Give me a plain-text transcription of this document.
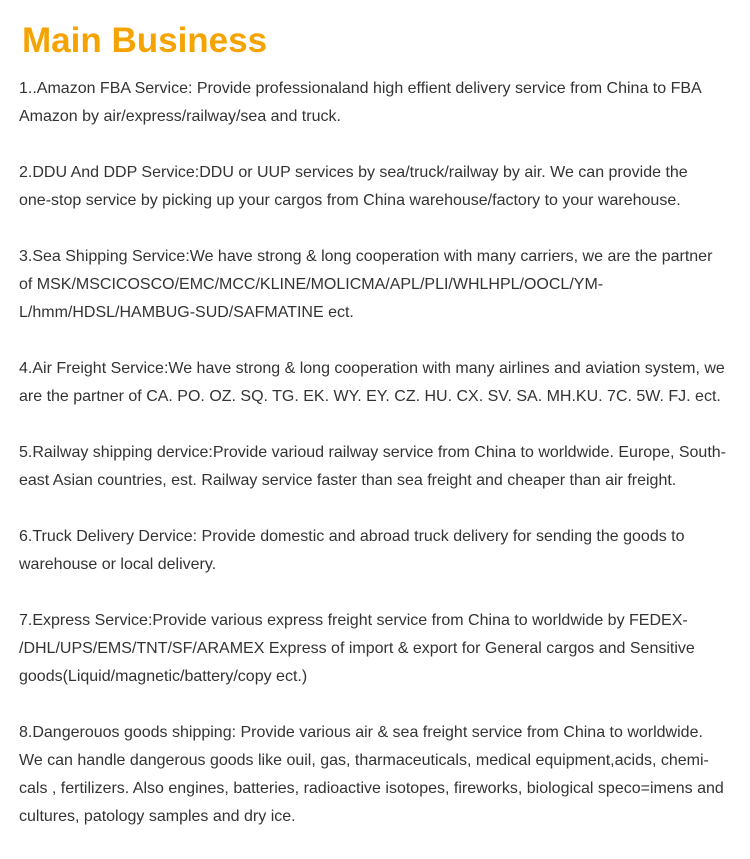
Main Business

1..Amazon FBA Service: Provide professionaland high effient delivery service from China to FBA
Amazon by air/express/railway/sea and truck.

2.DDU And DDP Service:DDU or UUP services by sea/truck/railway by air. We can provide the
one-stop service by picking up your cargos from China warehouse/factory to your warehouse.

3.Sea Shipping Service:We have strong & long cooperation with many carriers, we are the partner
of MSK/MSCICOSCO/EMC/MCC/KLINE/MOLICMA/APL/PLI/WHLHPL/OOCL/YM-
L/hmm/HDSL/HAMBUG-SUD/SAFMATINE ect.

4.Air Freight Service:We have strong & long cooperation with many airlines and aviation system, we
are the partner of CA. PO. OZ. SQ. TG. EK. WY. EY. CZ. HU. CX. SV. SA. MH.KU. 7C. 5W. FJ. ect.

5.Railway shipping dervice:Provide varioud railway service from China to worldwide. Europe, South-
east Asian countries, est. Railway service faster than sea freight and cheaper than air freight.

6.Truck Delivery Dervice: Provide domestic and abroad truck delivery for sending the goods to
warehouse or local delivery.

7.Express Service:Provide various express freight service from China to worldwide by FEDEX-
/DHL/UPS/EMS/TNT/SF/ARAMEX Express of import & export for General cargos and Sensitive
goods(Liquid/magnetic/battery/copy ect.)

8.Dangerouos goods shipping: Provide various air & sea freight service from China to worldwide.
We can handle dangerous goods like ouil, gas, tharmaceuticals, medical equipment,acids, chemi-
cals , fertilizers. Also engines, batteries, radioactive isotopes, fireworks, biological speco=imens and
cultures, patology samples and dry ice.
